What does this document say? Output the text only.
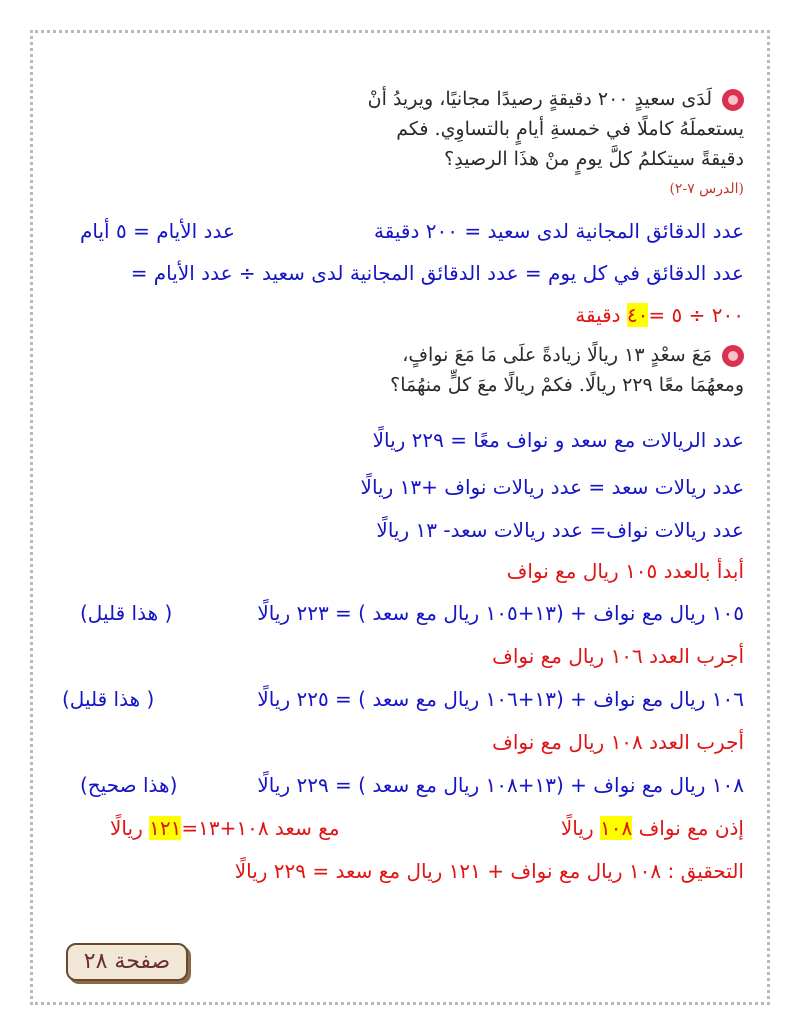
لَدَى سعيدٍ ٢٠٠ دقيقةٍ رصيدًا مجانيًا، ويريدُ أنْ
يستعملَهُ كاملًا في خمسةِ أيامٍ بالتساوِي. فكم
دقيقةً سيتكلمُ كلَّ يومٍ منْ هذَا الرصيدِ؟
(الدرس ٧-٢)
عدد الدقائق المجانية لدى سعيد = ٢٠٠ دقيقة
عدد الأيام = ٥ أيام
عدد الدقائق في كل يوم = عدد الدقائق المجانية لدى سعيد ÷ عدد الأيام =
٢٠٠ ÷ ٥ =٤٠ دقيقة
مَعَ سعْدٍ ١٣ ريالًا زيادةً علَى مَا مَعَ نوافٍ،
ومعهُمَا معًا ٢٢٩ ريالًا. فكمْ ريالًا معَ كلٍّ منهُمَا؟
عدد الريالات مع سعد و نواف معًا = ٢٢٩ ريالًا
عدد ريالات سعد = عدد ريالات نواف +١٣ ريالًا
عدد ريالات نواف= عدد ريالات سعد- ١٣ ريالًا
أبدأ بالعدد ١٠٥ ريال مع نواف
١٠٥ ريال مع نواف + (١٣+١٠٥ ريال مع سعد ) = ٢٢٣ ريالًا
( هذا قليل)
أجرب العدد ١٠٦ ريال مع نواف
١٠٦ ريال مع نواف + (١٣+١٠٦ ريال مع سعد ) = ٢٢٥ ريالًا
( هذا قليل)
أجرب العدد ١٠٨ ريال مع نواف
١٠٨ ريال مع نواف + (١٣+١٠٨ ريال مع سعد ) = ٢٢٩ ريالًا
(هذا صحيح)
إذن مع نواف ١٠٨ ريالًا
مع سعد ١٠٨+١٣=١٢١ ريالًا
التحقيق : ١٠٨ ريال مع نواف + ١٢١ ريال مع سعد = ٢٢٩ ريالًا
صفحة ٢٨
